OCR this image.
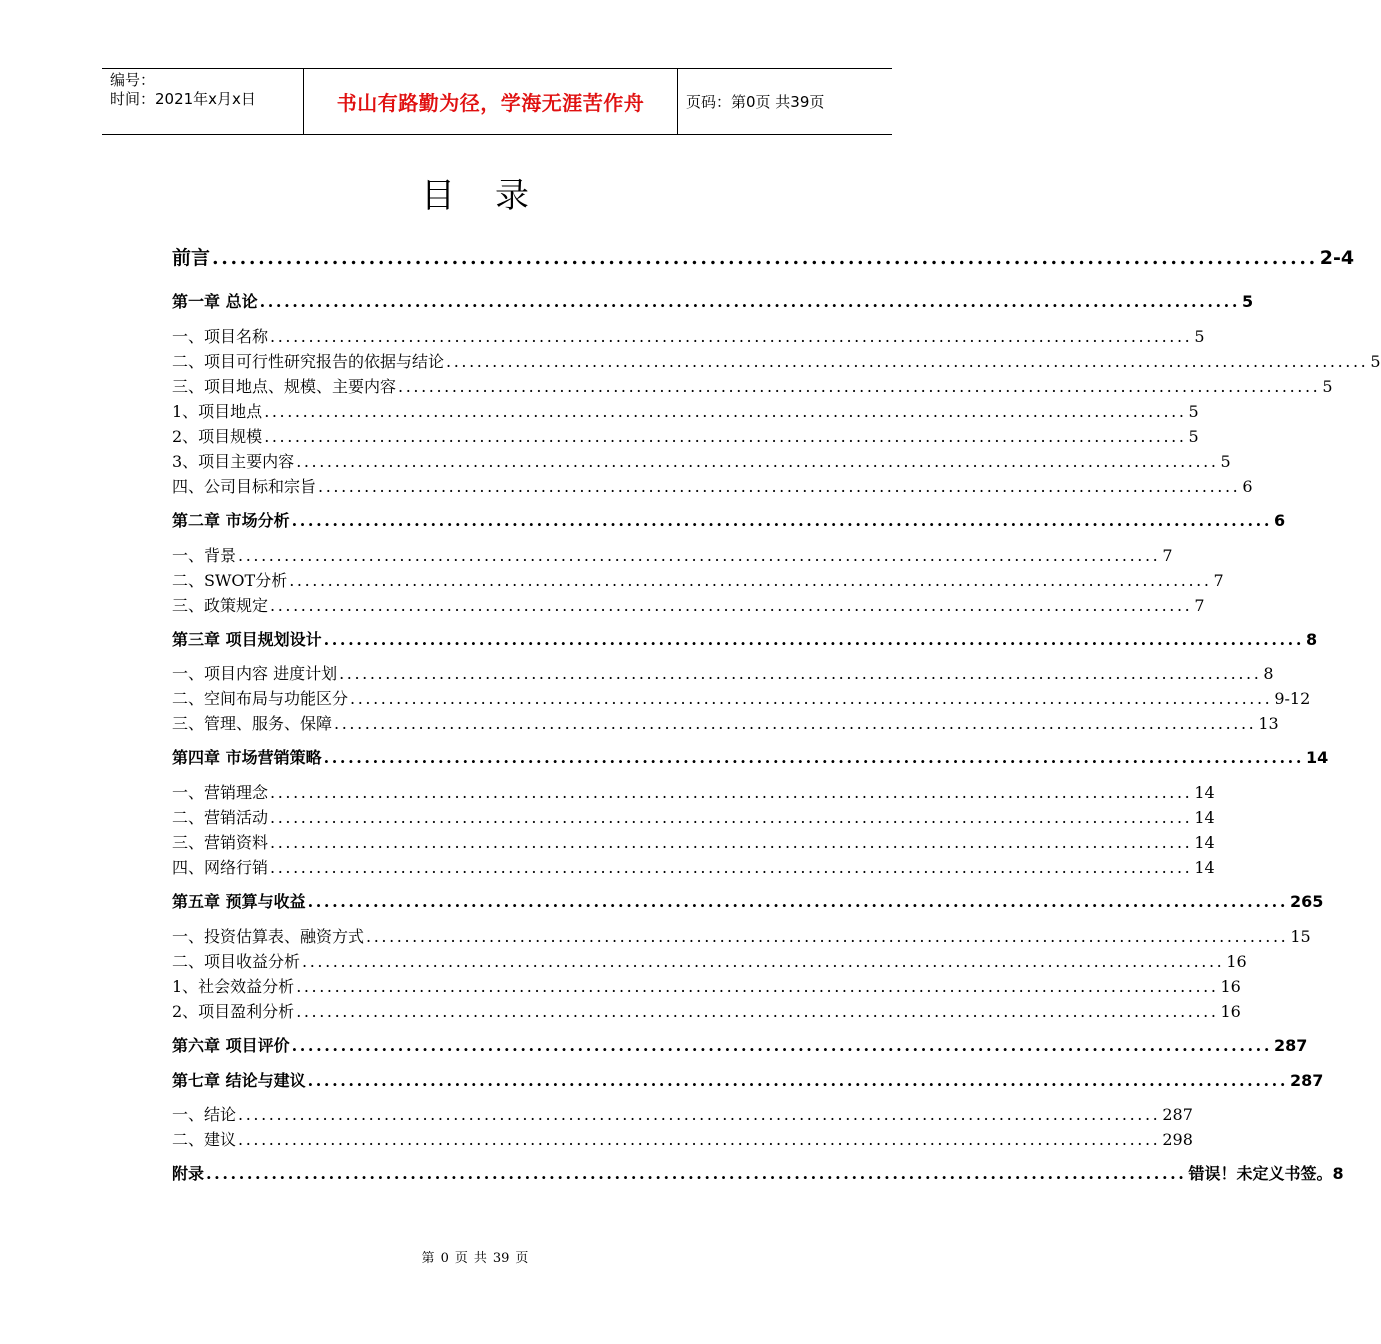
编号：
时间：2021年x月x日	书山有路勤为径，学海无涯苦作舟	页码：第0页 共39页
目录
前言 ........................................................................................................................ 2-4
第一章 总论 ........................................................................................................................ 5
一、项目名称 ........................................................................................................................ 5
二、项目可行性研究报告的依据与结论 ........................................................................................................................ 5
三、项目地点、规模、主要内容 ........................................................................................................................ 5
1、项目地点 ........................................................................................................................ 5
2、项目规模 ........................................................................................................................ 5
3、项目主要内容 ........................................................................................................................ 5
四、公司目标和宗旨 ........................................................................................................................ 6
第二章 市场分析 ........................................................................................................................ 6
一、背景 ........................................................................................................................ 7
二、SWOT分析 ........................................................................................................................ 7
三、政策规定 ........................................................................................................................ 7
第三章 项目规划设计 ........................................................................................................................ 8
一、项目内容 进度计划 ........................................................................................................................ 8
二、空间布局与功能区分 ........................................................................................................................ 9-12
三、管理、服务、保障 ........................................................................................................................ 13
第四章 市场营销策略 ........................................................................................................................ 14
一、营销理念 ........................................................................................................................ 14
二、营销活动 ........................................................................................................................ 14
三、营销资料 ........................................................................................................................ 14
四、网络行销 ........................................................................................................................ 14
第五章 预算与收益 ........................................................................................................................ 265
一、投资估算表、融资方式 ........................................................................................................................ 15
二、项目收益分析 ........................................................................................................................ 16
1、社会效益分析 ........................................................................................................................ 16
2、项目盈利分析 ........................................................................................................................ 16
第六章 项目评价 ........................................................................................................................ 287
第七章 结论与建议 ........................................................................................................................ 287
一、结论 ........................................................................................................................ 287
二、建议 ........................................................................................................................ 298
附录 ........................................................................................................................ 错误！未定义书签。8
第 0 页 共 39 页
